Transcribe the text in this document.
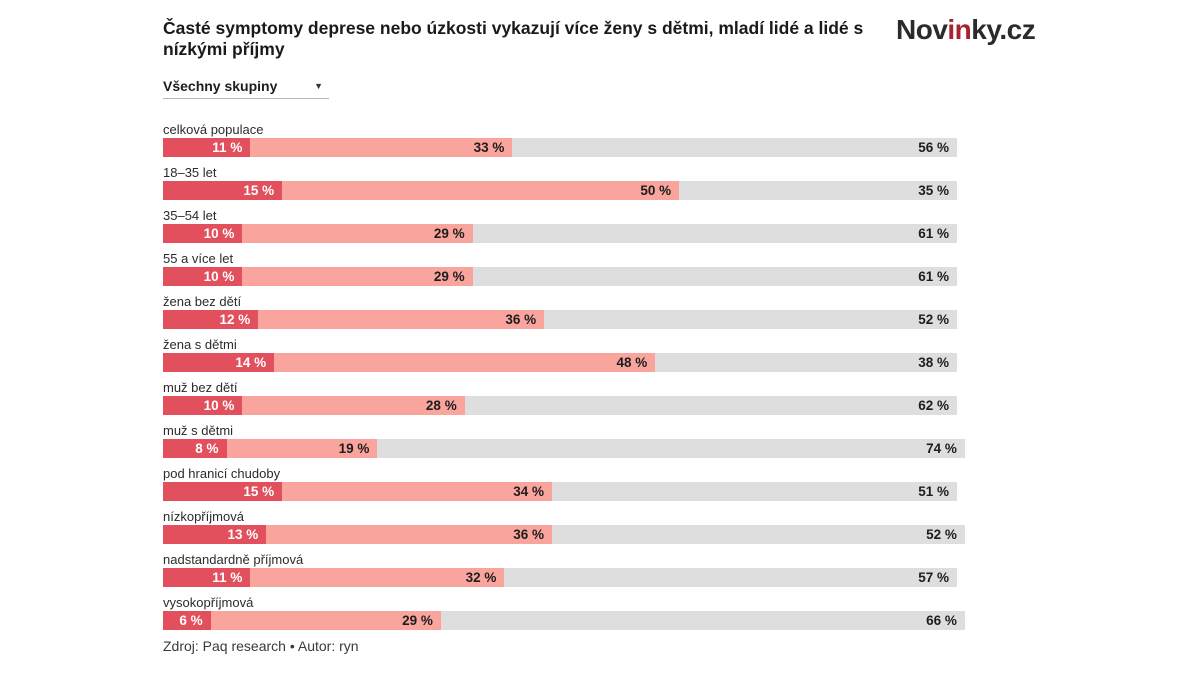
Časté symptomy deprese nebo úzkosti vykazují více ženy s dětmi, mladí lidé a lidé s nízkými příjmy
Novinky.cz
Všechny skupiny	▼
celková populace
11 %	33 %	56 %
18–35 let
15 %	50 %	35 %
35–54 let
10 %	29 %	61 %
55 a více let
10 %	29 %	61 %
žena bez dětí
12 %	36 %	52 %
žena s dětmi
14 %	48 %	38 %
muž bez dětí
10 %	28 %	62 %
muž s dětmi
8 %	19 %	74 %
pod hranicí chudoby
15 %	34 %	51 %
nízkopříjmová
13 %	36 %	52 %
nadstandardně příjmová
11 %	32 %	57 %
vysokopříjmová
6 %	29 %	66 %
Zdroj: Paq research • Autor: ryn
